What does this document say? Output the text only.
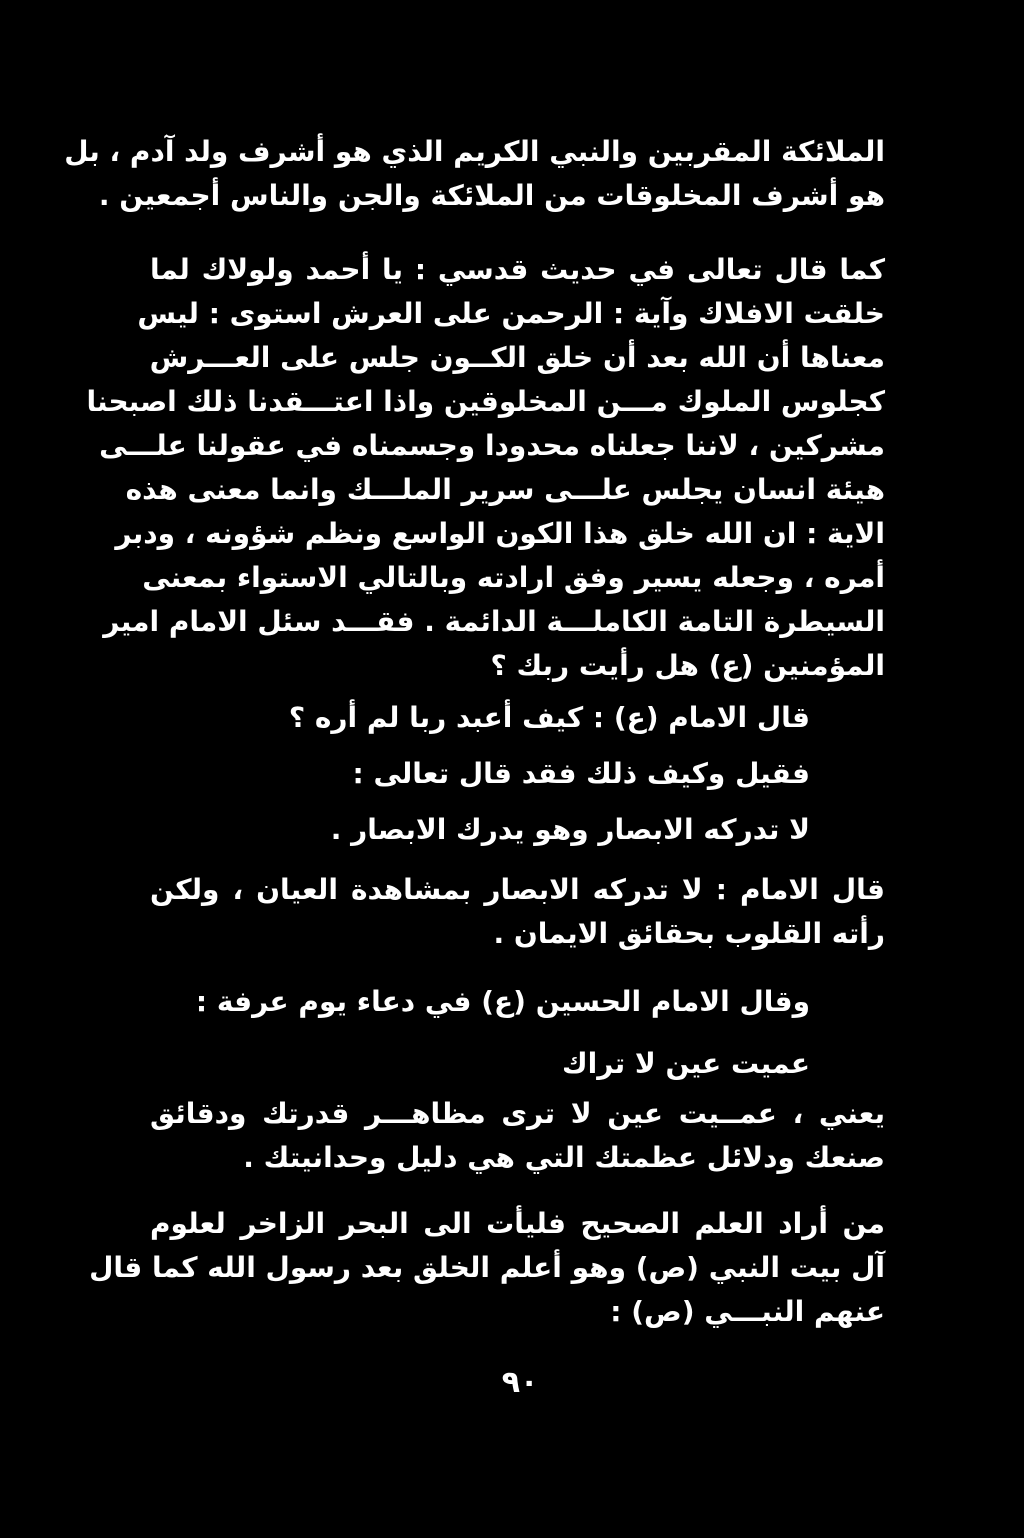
الملائكة المقربين والنبي الكريم الذي هو أشرف ولد آدم ، بل
هو أشرف المخلوقات من الملائكة والجن والناس أجمعين .
كما قال تعالى في حديث قدسي : يا أحمد ولولاك لما
خلقت الافلاك وآية : الرحمن على العرش استوى : ليس
معناها أن الله بعد أن خلق الكــون جلس على العـــرش
كجلوس الملوك مـــن المخلوقين واذا اعتـــقدنا ذلك اصبحنا
مشركين ، لاننا جعلناه محدودا وجسمناه في عقولنا علـــى
هيئة انسان يجلس علـــى سرير الملـــك وانما معنى هذه
الاية : ان الله خلق هذا الكون الواسع ونظم شؤونه ، ودبر
أمره ، وجعله يسير وفق ارادته وبالتالي الاستواء بمعنى
السيطرة التامة الكاملـــة الدائمة . فقـــد سئل الامام امير
المؤمنين (ع) هل رأيت ربك ؟
قال الامام (ع) : كيف أعبد ربا لم أره ؟
فقيل وكيف ذلك فقد قال تعالى :
لا تدركه الابصار وهو يدرك الابصار .
قال الامام : لا تدركه الابصار بمشاهدة العيان ، ولكن
رأته القلوب بحقائق الايمان .
وقال الامام الحسين (ع) في دعاء يوم عرفة :
عميت عين لا تراك
يعني ، عمــيت عين لا ترى مظاهـــر قدرتك ودقائق
صنعك ودلائل عظمتك التي هي دليل وحدانيتك .
من أراد العلم الصحيح فليأت الى البحر الزاخر لعلوم
آل بيت النبي (ص) وهو أعلم الخلق بعد رسول الله كما قال
عنهم النبـــي (ص) :
٩٠
